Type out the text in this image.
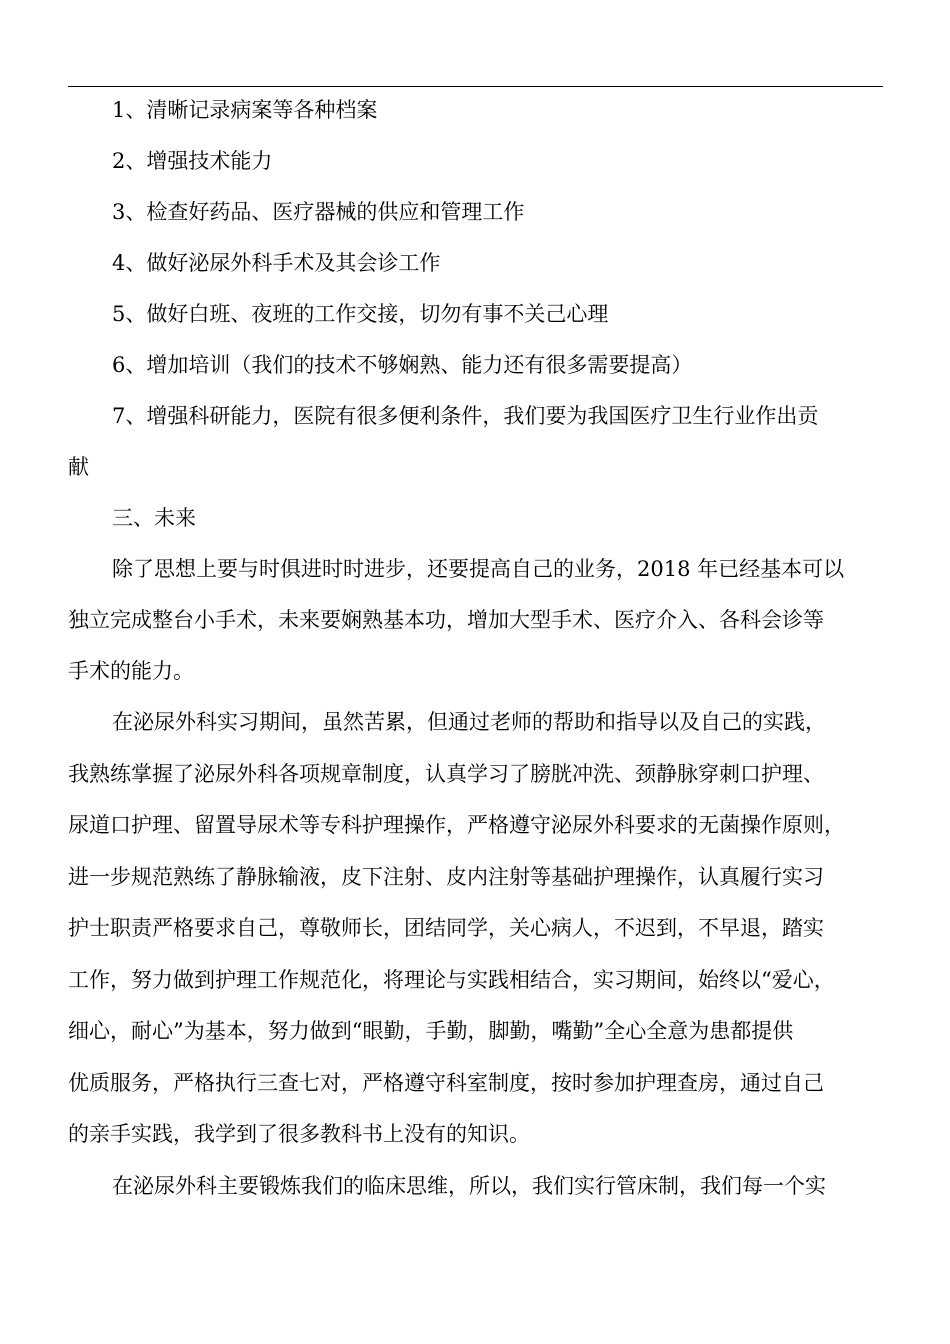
1、清晰记录病案等各种档案
2、增强技术能力
3、检查好药品、医疗器械的供应和管理工作
4、做好泌尿外科手术及其会诊工作
5、做好白班、夜班的工作交接，切勿有事不关己心理
6、增加培训（我们的技术不够娴熟、能力还有很多需要提高）
7、增强科研能力，医院有很多便利条件，我们要为我国医疗卫生行业作出贡
献
三、未来
除了思想上要与时俱进时时进步，还要提高自己的业务，2018 年已经基本可以
独立完成整台小手术，未来要娴熟基本功，增加大型手术、医疗介入、各科会诊等
手术的能力。
在泌尿外科实习期间，虽然苦累，但通过老师的帮助和指导以及自己的实践，
我熟练掌握了泌尿外科各项规章制度，认真学习了膀胱冲洗、颈静脉穿刺口护理、
尿道口护理、留置导尿术等专科护理操作，严格遵守泌尿外科要求的无菌操作原则，
进一步规范熟练了静脉输液，皮下注射、皮内注射等基础护理操作，认真履行实习
护士职责严格要求自己，尊敬师长，团结同学，关心病人，不迟到，不早退，踏实
工作，努力做到护理工作规范化，将理论与实践相结合，实习期间，始终以“爱心，
细心，耐心”为基本，努力做到“眼勤，手勤，脚勤，嘴勤”全心全意为患都提供
优质服务，严格执行三查七对，严格遵守科室制度，按时参加护理查房，通过自己
的亲手实践，我学到了很多教科书上没有的知识。
在泌尿外科主要锻炼我们的临床思维，所以，我们实行管床制，我们每一个实
